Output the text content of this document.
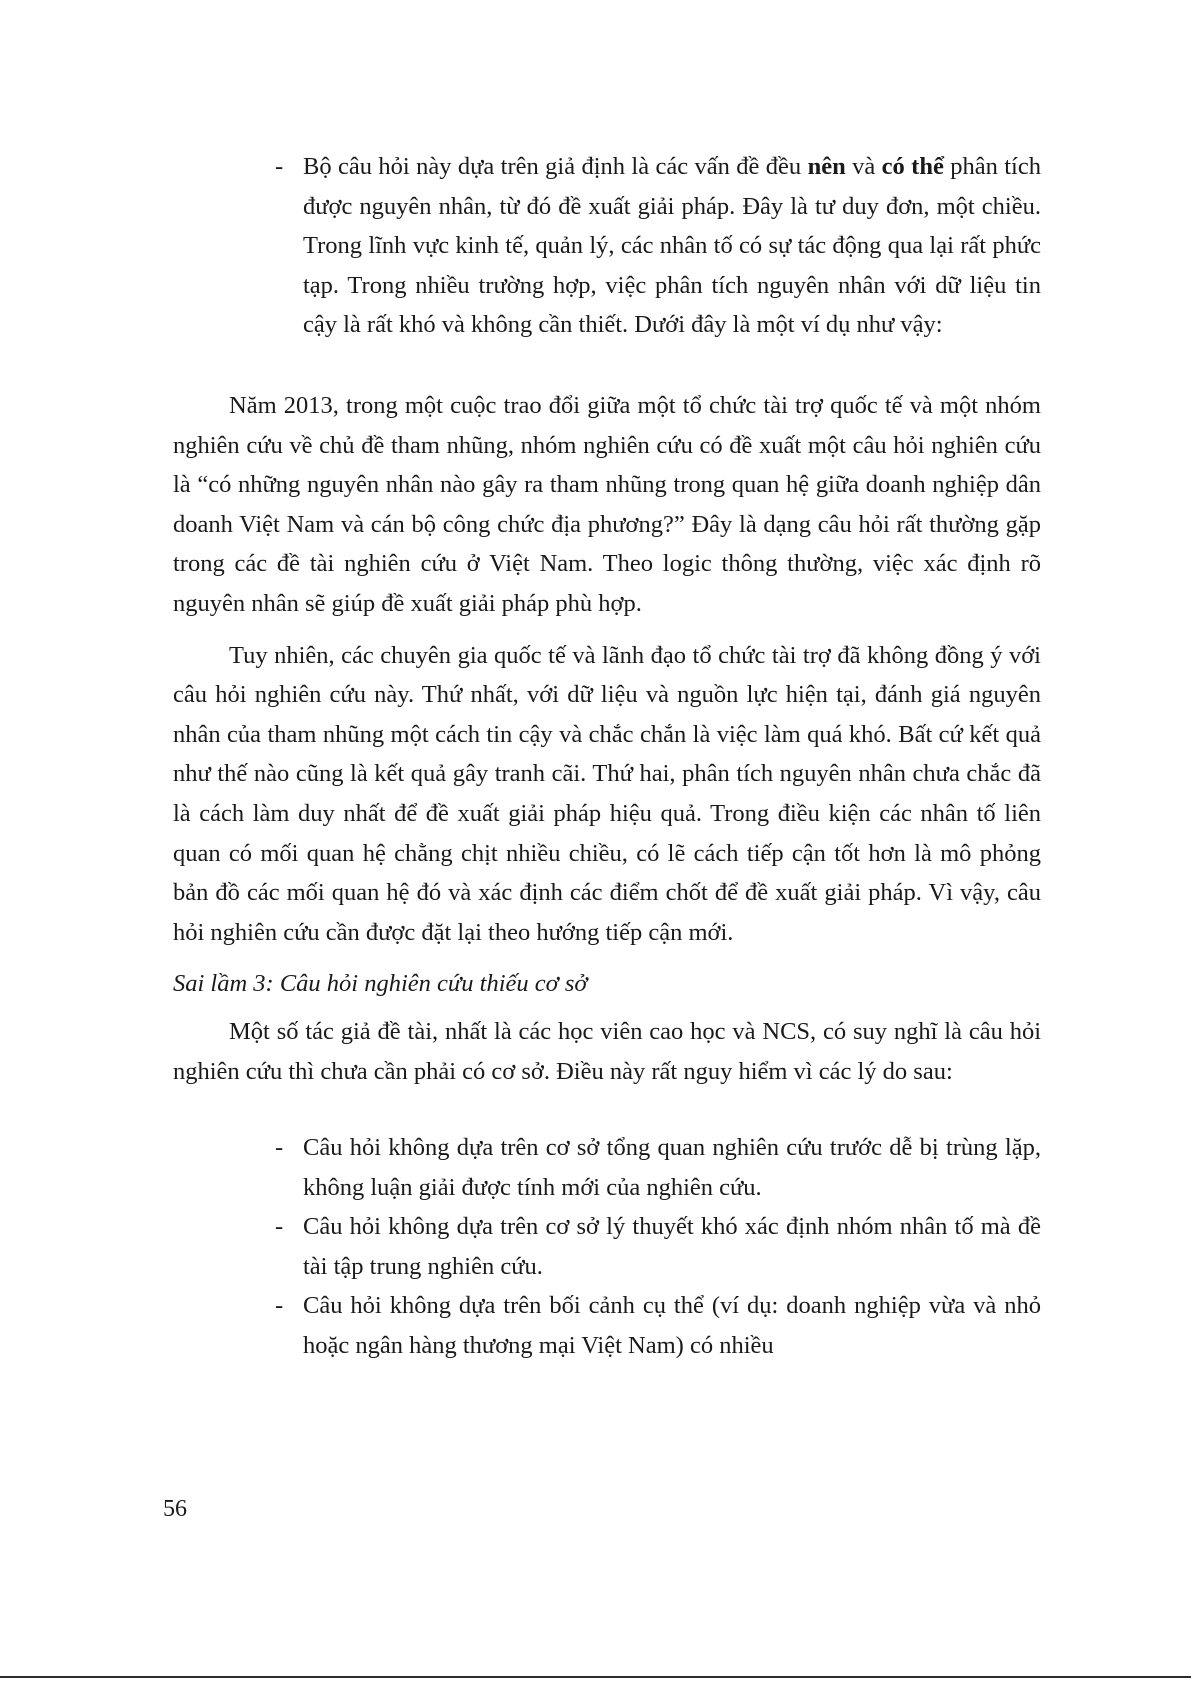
- Bộ câu hỏi này dựa trên giả định là các vấn đề đều nên và có thể phân tích được nguyên nhân, từ đó đề xuất giải pháp. Đây là tư duy đơn, một chiều. Trong lĩnh vực kinh tế, quản lý, các nhân tố có sự tác động qua lại rất phức tạp. Trong nhiều trường hợp, việc phân tích nguyên nhân với dữ liệu tin cậy là rất khó và không cần thiết. Dưới đây là một ví dụ như vậy:

Năm 2013, trong một cuộc trao đổi giữa một tổ chức tài trợ quốc tế và một nhóm nghiên cứu về chủ đề tham nhũng, nhóm nghiên cứu có đề xuất một câu hỏi nghiên cứu là “có những nguyên nhân nào gây ra tham nhũng trong quan hệ giữa doanh nghiệp dân doanh Việt Nam và cán bộ công chức địa phương?” Đây là dạng câu hỏi rất thường gặp trong các đề tài nghiên cứu ở Việt Nam. Theo logic thông thường, việc xác định rõ nguyên nhân sẽ giúp đề xuất giải pháp phù hợp.

Tuy nhiên, các chuyên gia quốc tế và lãnh đạo tổ chức tài trợ đã không đồng ý với câu hỏi nghiên cứu này. Thứ nhất, với dữ liệu và nguồn lực hiện tại, đánh giá nguyên nhân của tham nhũng một cách tin cậy và chắc chắn là việc làm quá khó. Bất cứ kết quả như thế nào cũng là kết quả gây tranh cãi. Thứ hai, phân tích nguyên nhân chưa chắc đã là cách làm duy nhất để đề xuất giải pháp hiệu quả. Trong điều kiện các nhân tố liên quan có mối quan hệ chằng chịt nhiều chiều, có lẽ cách tiếp cận tốt hơn là mô phỏng bản đồ các mối quan hệ đó và xác định các điểm chốt để đề xuất giải pháp. Vì vậy, câu hỏi nghiên cứu cần được đặt lại theo hướng tiếp cận mới.

Sai lầm 3: Câu hỏi nghiên cứu thiếu cơ sở

Một số tác giả đề tài, nhất là các học viên cao học và NCS, có suy nghĩ là câu hỏi nghiên cứu thì chưa cần phải có cơ sở. Điều này rất nguy hiểm vì các lý do sau:

- Câu hỏi không dựa trên cơ sở tổng quan nghiên cứu trước dễ bị trùng lặp, không luận giải được tính mới của nghiên cứu.
- Câu hỏi không dựa trên cơ sở lý thuyết khó xác định nhóm nhân tố mà đề tài tập trung nghiên cứu.
- Câu hỏi không dựa trên bối cảnh cụ thể (ví dụ: doanh nghiệp vừa và nhỏ hoặc ngân hàng thương mại Việt Nam) có nhiều
56
